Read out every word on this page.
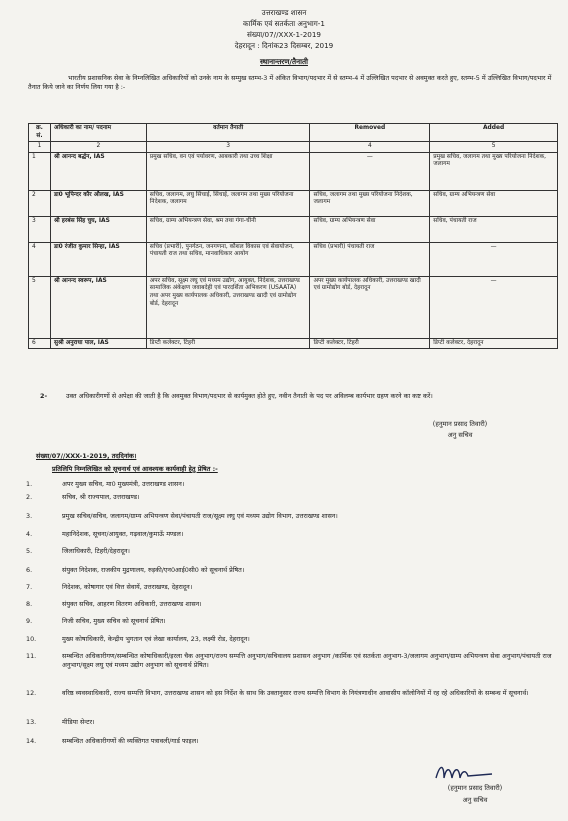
उत्तराखण्ड शासन
कार्मिक एवं सतर्कता अनुभाग-1
संख्या/07//XXX-1-2019
देहरादून : दिनांक23 दिसम्बर, 2019
स्थानान्तरण/तैनाती
भारतीय प्रशासनिक सेवा के निम्नलिखित अधिकारियों को उनके नाम के सम्मुख स्तम्भ-3 में अंकित विभाग/पदभार में से स्तम्भ-4 में उल्लिखित पदभार से अवमुक्त करते हुए, स्तम्भ-5 में उल्लिखित विभाग/पदभार में तैनात किये जाने का निर्णय लिया गया है :-
क्र. सं.	अधिकारी का नाम/ पदनाम	वर्तमान तैनाती	Removed	Added
1	2	3	4	5
1	श्री आनन्द बर्द्धन, IAS	प्रमुख सचिव, वन एवं पर्यावरण, आबकारी तथा उच्च शिक्षा	—	प्रमुख सचिव, जलागम तथा मुख्य परियोजना निदेशक, जलागम
2	डा0 भूपिन्दर कौर औलख, IAS	सचिव, जलागम, लघु सिंचाई, सिंचाई, जलागम तथा मुख्य परियोजना निदेशक, जलागम	सचिव, जलागम तथा मुख्य परियोजना निदेशक, जलागम	सचिव, ग्राम्य अभियन्त्रण सेवा
3	श्री हरबंस सिंह चुघ, IAS	सचिव, ग्राम्य अभियन्त्रण सेवा, श्रम तथा गंगा-चीनी	सचिव, ग्राम्य अभियन्त्रण सेवा	सचिव, पंचायती राज
4	डा0 रंजीत कुमार सिन्हा, IAS	सचिव (प्रभारी), पुनर्गठन, जनगणना, कौशल विकास एवं सेवायोजन, पंचायती राज तथा सचिव, मानवाधिकार आयोग	सचिव (प्रभारी) पंचायती राज	—
5	श्री आनन्द स्वरूप, IAS	अपर सचिव, सूक्ष्म लघु एवं मध्यम उद्योग, आयुक्त, निदेशक, उत्तराखण्ड सामाजिक अंकेक्षण जवाबदेही एवं पारदर्शिता अभिकरण (USAATA) तथा अपर मुख्य कार्यपालक अधिकारी, उत्तराखण्ड खादी एवं ग्रामोद्योग बोर्ड, देहरादून	अपर मुख्य कार्यपालक अधिकारी, उत्तराखण्ड खादी एवं ग्रामोद्योग बोर्ड, देहरादून	—
6	सुश्री अनुराधा पाल, IAS	डिप्टी कलेक्टर, टिहरी	डिप्टी कलेक्टर, टिहरी	डिप्टी कलेक्टर, देहरादून
2-	उक्त अधिकारीगणों से अपेक्षा की जाती है कि अवमुक्त विभाग/पदभार से कार्यमुक्त होते हुए, नवीन तैनाती के पद पर अविलम्ब कार्यभार ग्रहण करने का कष्ट करें।
(हनुमान प्रसाद तिवारी)
अनु सचिव
संख्या/07//XXX-1-2019, तददिनांक।
प्रतिलिपि निम्नलिखित को सूचनार्थ एवं आवश्यक कार्यवाही हेतु प्रेषित :-
1.	अपर मुख्य सचिव, मा0 मुख्यमंत्री, उत्तराखण्ड शासन।
2.	सचिव, श्री राज्यपाल, उत्तराखण्ड।
3.	प्रमुख सचिव/सचिव, जलागम/ग्राम्य अभियन्त्रण सेवा/पंचायती राज/सूक्ष्म लघु एवं मध्यम उद्योग विभाग, उत्तराखण्ड शासन।
4.	महानिदेशक, सूचना/आयुक्त, गढ़वाल/कुमाऊँ मण्डल।
5.	जिलाधिकारी, टिहरी/देहरादून।
6.	संयुक्त निदेशक, राजकीय मुद्रणालय, रुड़की/एन0आई0सी0 को सूचनार्थ प्रेषित।
7.	निदेशक, कोषागार एवं वित्त सेवायें, उत्तराखण्ड, देहरादून।
8.	संयुक्त सचिव, आहरण वितरण अधिकारी, उत्तराखण्ड शासन।
9.	निजी सचिव, मुख्य सचिव को सूचनार्थ प्रेषित।
10.	मुख्य कोषाधिकारी, केन्द्रीय भुगतान एवं लेखा कार्यालय, 23, लक्ष्मी रोड, देहरादून।
11.	सम्बन्धित अधिकारीगण/सम्बन्धित कोषाधिकारी/इरला चैक अनुभाग/राज्य सम्पत्ति अनुभाग/सचिवालय प्रशासन अनुभाग /कार्मिक एवं सतर्कता अनुभाग-3/जलागम अनुभाग/ग्राम्य अभियन्त्रण सेवा अनुभाग/पंचायती राज अनुभाग/सूक्ष्म लघु एवं मध्यम उद्योग अनुभाग को सूचनार्थ प्रेषित।
12.	वरिष्ठ व्यवस्थाधिकारी, राज्य सम्पत्ति विभाग, उत्तराखण्ड शासन को इस निर्देश के साथ कि उक्तानुसार राज्य सम्पत्ति विभाग के नियंत्रणाधीन आवासीय कॉलोनियों में रह रहे अधिकारियों के सम्बन्ध में सूचनार्थ।
13.	मीडिया सेन्टर।
14.	सम्बन्धित अधिकारीगणों की व्यक्तिगत पत्रावली/गार्ड फाइल।
(हनुमान प्रसाद तिवारी)
अनु सचिव
